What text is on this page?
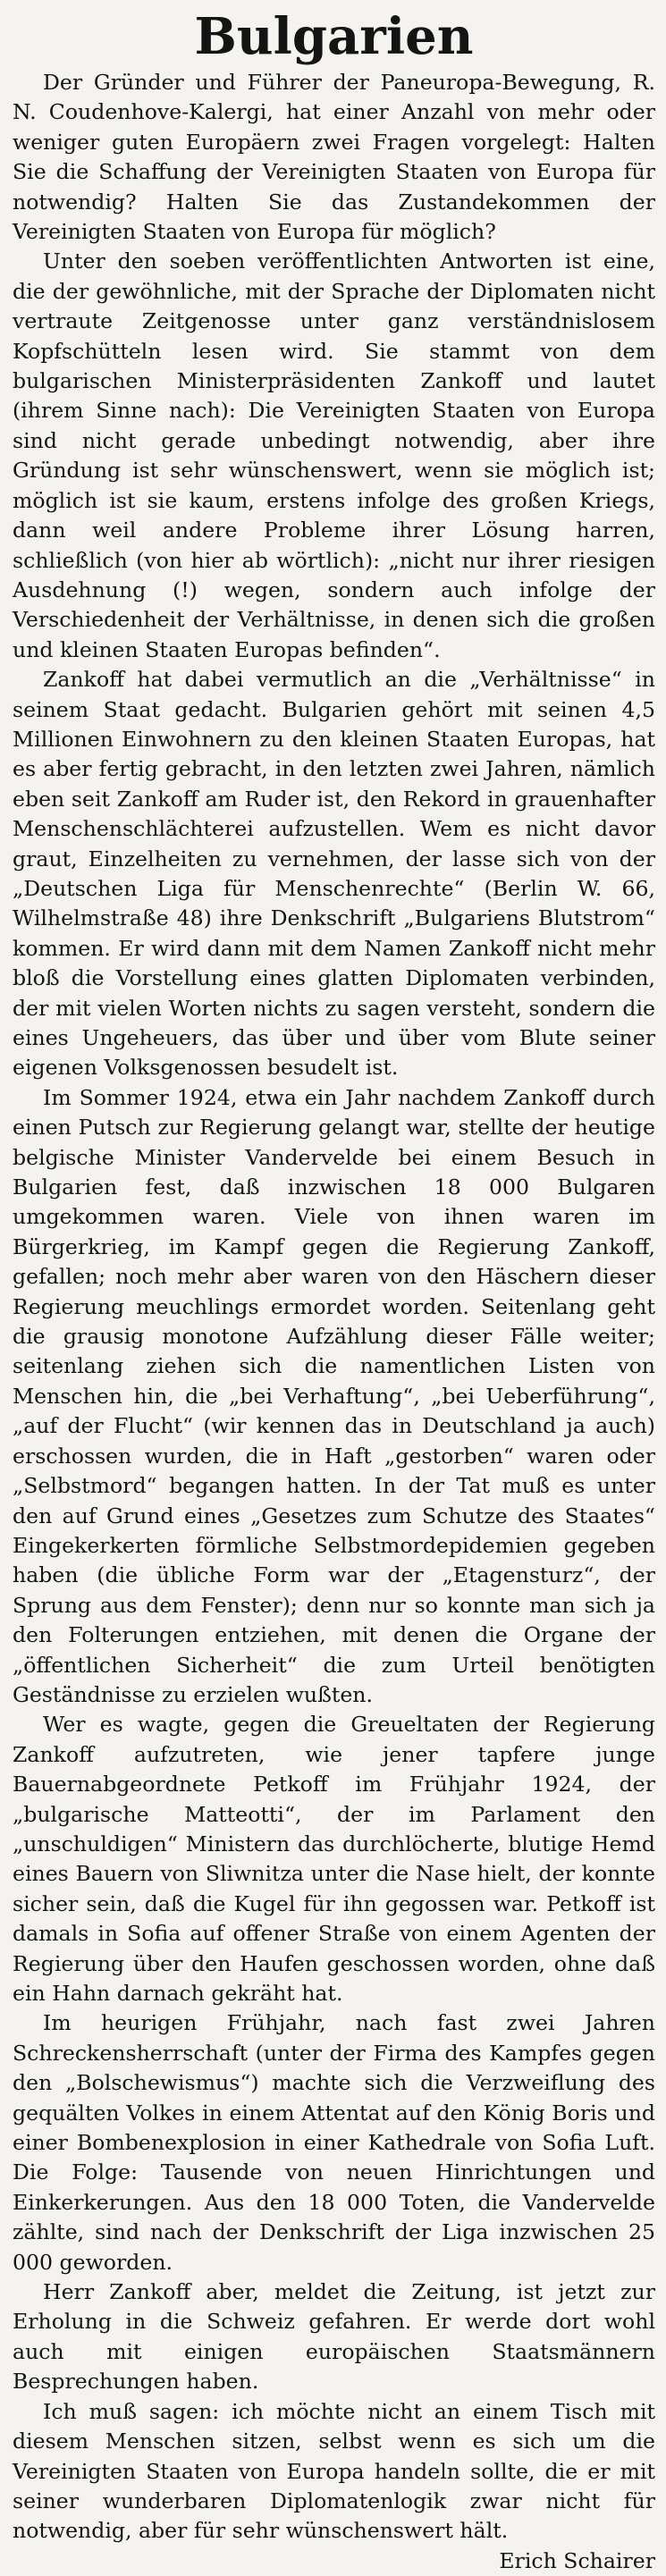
Bulgarien

Der Gründer und Führer der Paneuropa-Bewegung, R. N. Coudenhove-Kalergi, hat einer Anzahl von mehr oder weniger guten Europäern zwei Fragen vorgelegt: Halten Sie die Schaffung der Vereinigten Staaten von Europa für notwendig? Halten Sie das Zustandekommen der Vereinigten Staaten von Europa für möglich?

Unter den soeben veröffentlichten Antworten ist eine, die der gewöhnliche, mit der Sprache der Diplomaten nicht vertraute Zeitgenosse unter ganz verständnislosem Kopfschütteln lesen wird. Sie stammt von dem bulgarischen Ministerpräsidenten Zankoff und lautet (ihrem Sinne nach): Die Vereinigten Staaten von Europa sind nicht gerade unbedingt notwendig, aber ihre Gründung ist sehr wünschenswert, wenn sie möglich ist; möglich ist sie kaum, erstens infolge des großen Kriegs, dann weil andere Probleme ihrer Lösung harren, schließlich (von hier ab wörtlich): „nicht nur ihrer riesigen Ausdehnung (!) wegen, sondern auch infolge der Verschiedenheit der Verhältnisse, in denen sich die großen und kleinen Staaten Europas befinden“.

Zankoff hat dabei vermutlich an die „Verhältnisse“ in seinem Staat gedacht. Bulgarien gehört mit seinen 4,5 Millionen Einwohnern zu den kleinen Staaten Europas, hat es aber fertig gebracht, in den letzten zwei Jahren, nämlich eben seit Zankoff am Ruder ist, den Rekord in grauenhafter Menschenschlächterei aufzustellen. Wem es nicht davor graut, Einzelheiten zu vernehmen, der lasse sich von der „Deutschen Liga für Menschenrechte“ (Berlin W. 66, Wilhelmstraße 48) ihre Denkschrift „Bulgariens Blutstrom“ kommen. Er wird dann mit dem Namen Zankoff nicht mehr bloß die Vorstellung eines glatten Diplomaten verbinden, der mit vielen Worten nichts zu sagen versteht, sondern die eines Ungeheuers, das über und über vom Blute seiner eigenen Volksgenossen besudelt ist.

Im Sommer 1924, etwa ein Jahr nachdem Zankoff durch einen Putsch zur Regierung gelangt war, stellte der heutige belgische Minister Vandervelde bei einem Besuch in Bulgarien fest, daß inzwischen 18 000 Bulgaren umgekommen waren. Viele von ihnen waren im Bürgerkrieg, im Kampf gegen die Regierung Zankoff, gefallen; noch mehr aber waren von den Häschern dieser Regierung meuchlings ermordet worden. Seitenlang geht die grausig monotone Aufzählung dieser Fälle weiter; seitenlang ziehen sich die namentlichen Listen von Menschen hin, die „bei Verhaftung“, „bei Ueberführung“, „auf der Flucht“ (wir kennen das in Deutschland ja auch) erschossen wurden, die in Haft „gestorben“ waren oder „Selbstmord“ begangen hatten. In der Tat muß es unter den auf Grund eines „Gesetzes zum Schutze des Staates“ Eingekerkerten förmliche Selbstmordepidemien gegeben haben (die übliche Form war der „Etagensturz“, der Sprung aus dem Fenster); denn nur so konnte man sich ja den Folterungen entziehen, mit denen die Organe der „öffentlichen Sicherheit“ die zum Urteil benötigten Geständnisse zu erzielen wußten.

Wer es wagte, gegen die Greueltaten der Regierung Zankoff aufzutreten, wie jener tapfere junge Bauernabgeordnete Petkoff im Frühjahr 1924, der „bulgarische Matteotti“, der im Parlament den „unschuldigen“ Ministern das durchlöcherte, blutige Hemd eines Bauern von Sliwnitza unter die Nase hielt, der konnte sicher sein, daß die Kugel für ihn gegossen war. Petkoff ist damals in Sofia auf offener Straße von einem Agenten der Regierung über den Haufen geschossen worden, ohne daß ein Hahn darnach gekräht hat.

Im heurigen Frühjahr, nach fast zwei Jahren Schreckensherrschaft (unter der Firma des Kampfes gegen den „Bolschewismus“) machte sich die Verzweiflung des gequälten Volkes in einem Attentat auf den König Boris und einer Bombenexplosion in einer Kathedrale von Sofia Luft. Die Folge: Tausende von neuen Hinrichtungen und Einkerkerungen. Aus den 18 000 Toten, die Vandervelde zählte, sind nach der Denkschrift der Liga inzwischen 25 000 geworden.

Herr Zankoff aber, meldet die Zeitung, ist jetzt zur Erholung in die Schweiz gefahren. Er werde dort wohl auch mit einigen europäischen Staatsmännern Besprechungen haben.

Ich muß sagen: ich möchte nicht an einem Tisch mit diesem Menschen sitzen, selbst wenn es sich um die Vereinigten Staaten von Europa handeln sollte, die er mit seiner wunderbaren Diplomatenlogik zwar nicht für notwendig, aber für sehr wünschenswert hält.
Erich Schairer
